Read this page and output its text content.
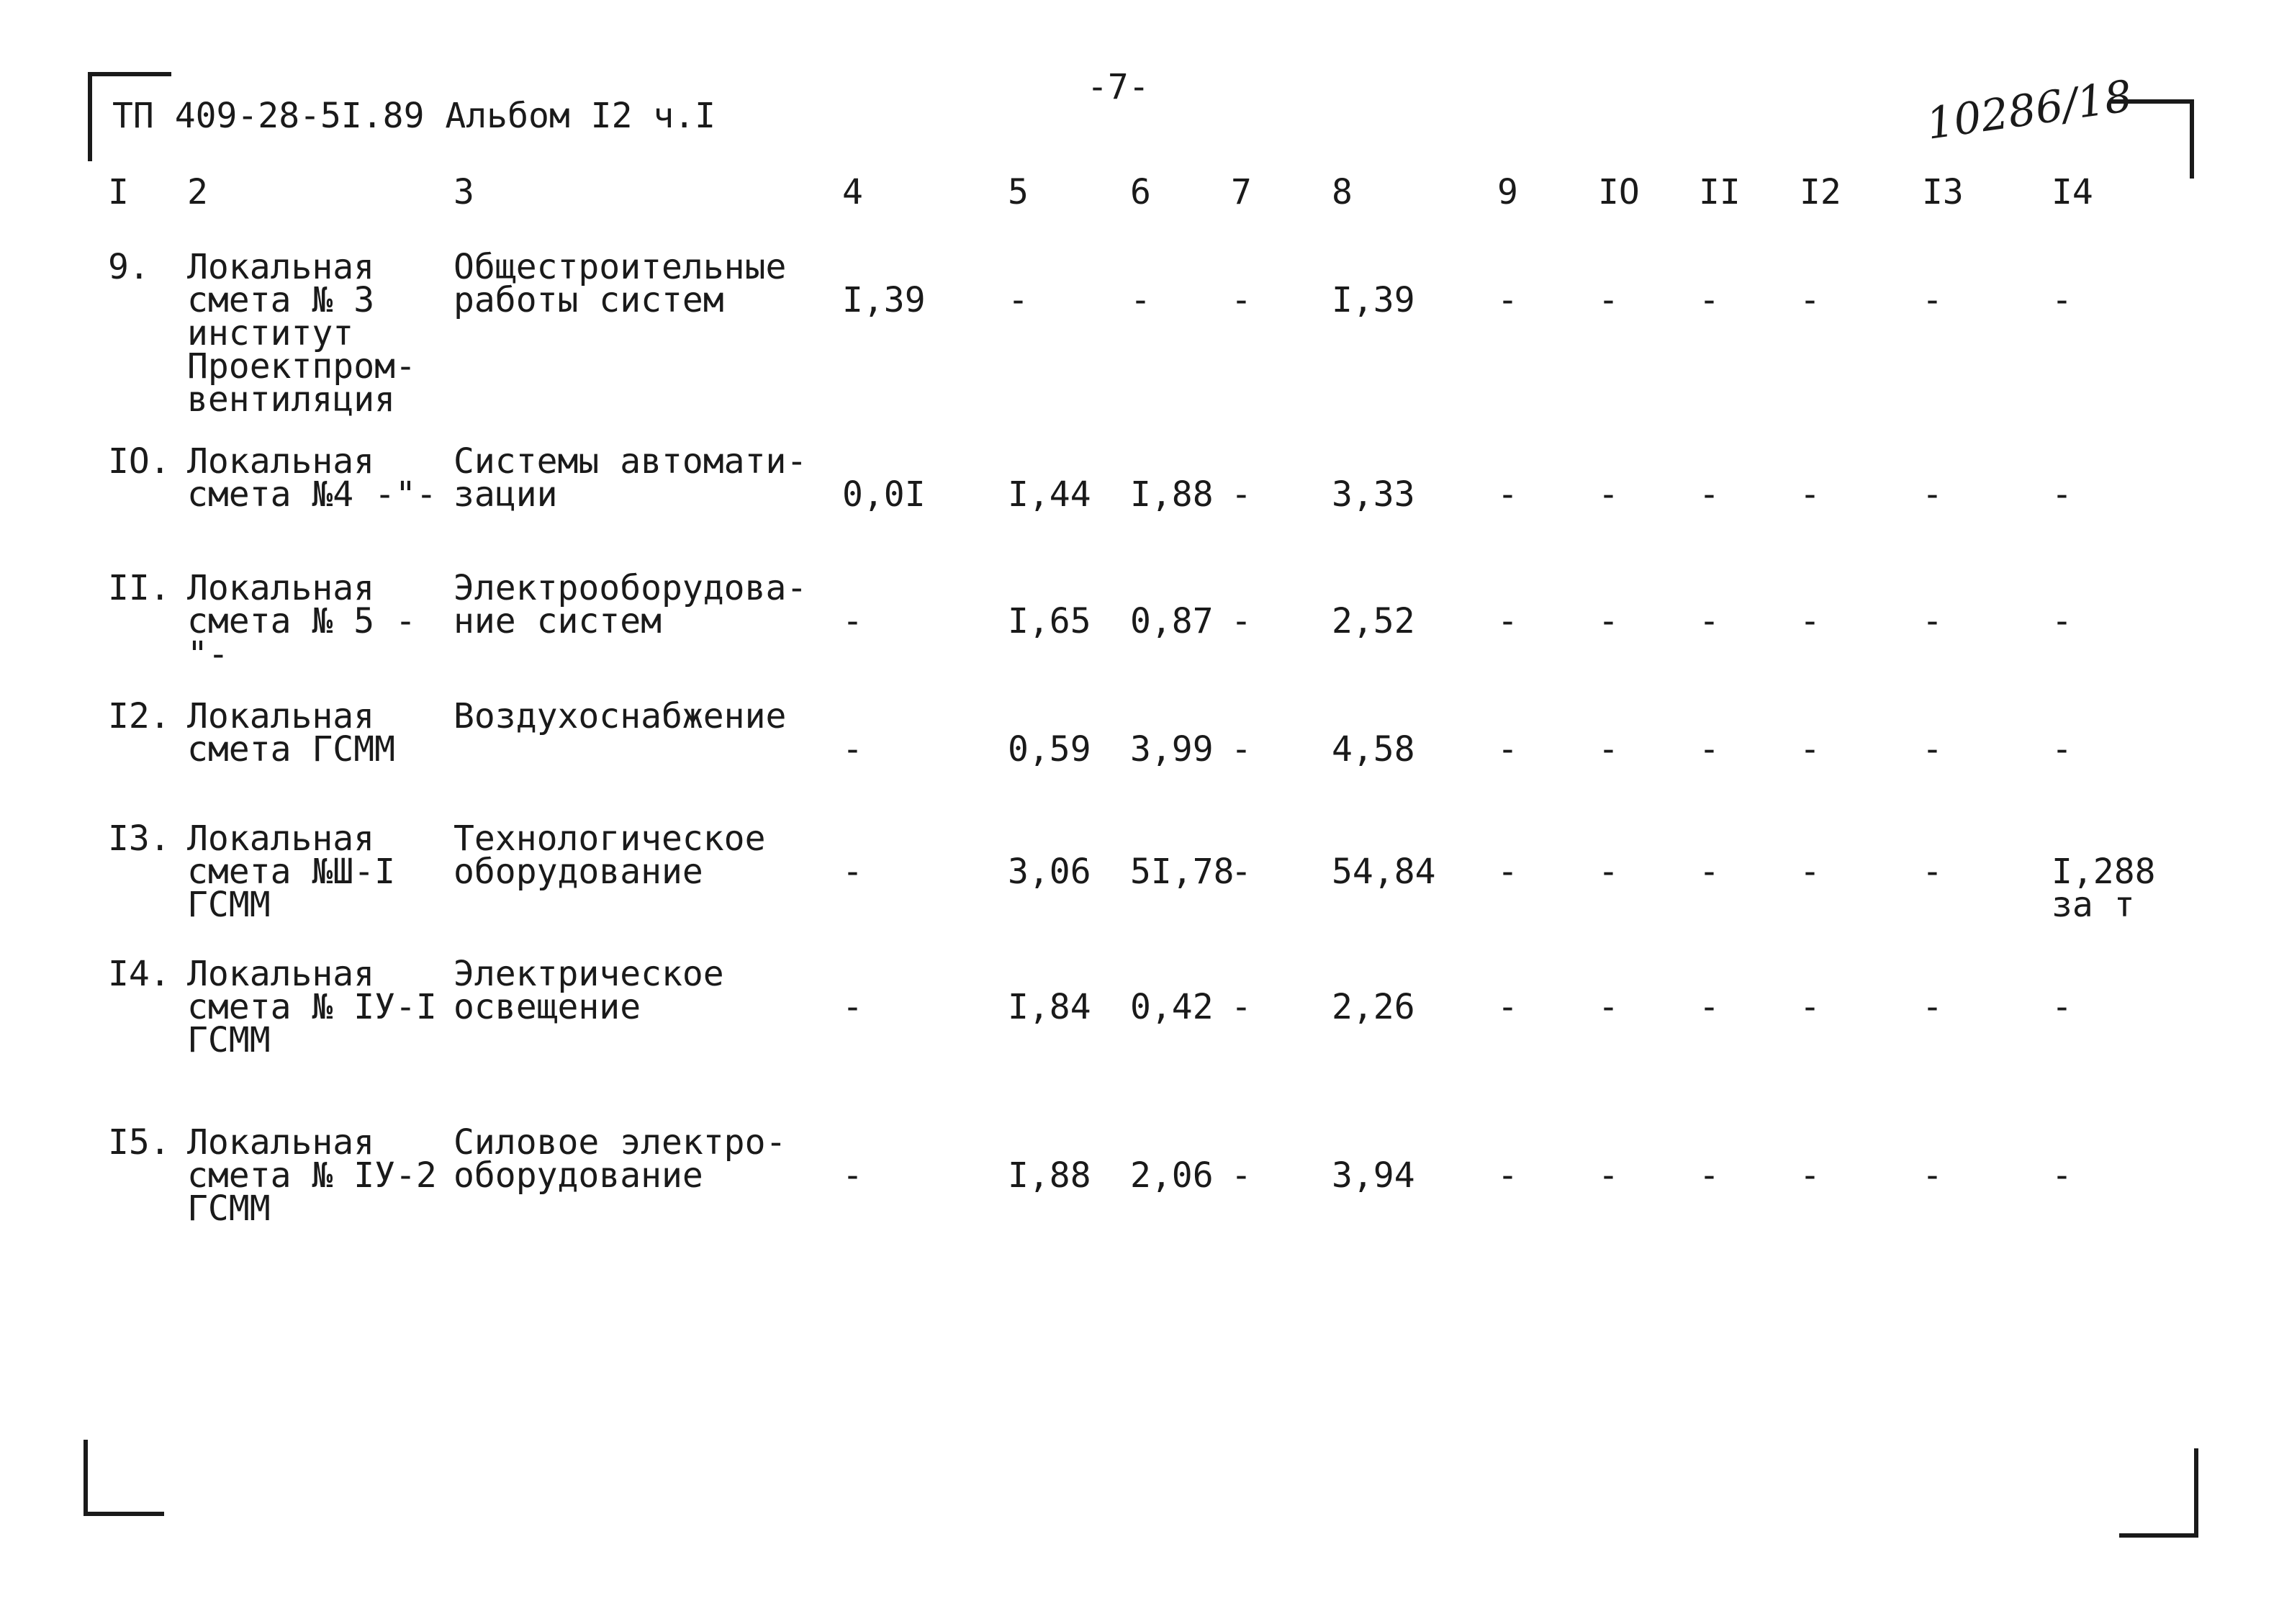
ТП 409-28-5I.89 Альбом I2 ч.I
-7-	10286/18
I	2	3	4	5	6	7	8	9	IO	II	I2	I3	I4
9.	Локальная смета № 3 институт Проектпром-вентиляция	Общестроительные работы систем	I,39	-	-	-	I,39	-	-	-	-	-	-
IO.	Локальная смета №4 -"-	Системы автомати-зации	0,0I	I,44	I,88	-	3,33	-	-	-	-	-	-
II.	Локальная смета № 5 -"-	Электрооборудова-ние систем	-	I,65	0,87	-	2,52	-	-	-	-	-	-
I2.	Локальная смета ГСММ	Воздухоснабжение	-	0,59	3,99	-	4,58	-	-	-	-	-	-
I3.	Локальная смета №Ш-I ГСММ	Технологическое оборудование	-	3,06	5I,78	-	54,84	-	-	-	-	-	I,288 за т
I4.	Локальная смета № IУ-I ГСММ	Электрическое освещение	-	I,84	0,42	-	2,26	-	-	-	-	-	-
I5.	Локальная смета № IУ-2 ГСММ	Силовое электро-оборудование	-	I,88	2,06	-	3,94	-	-	-	-	-	-
